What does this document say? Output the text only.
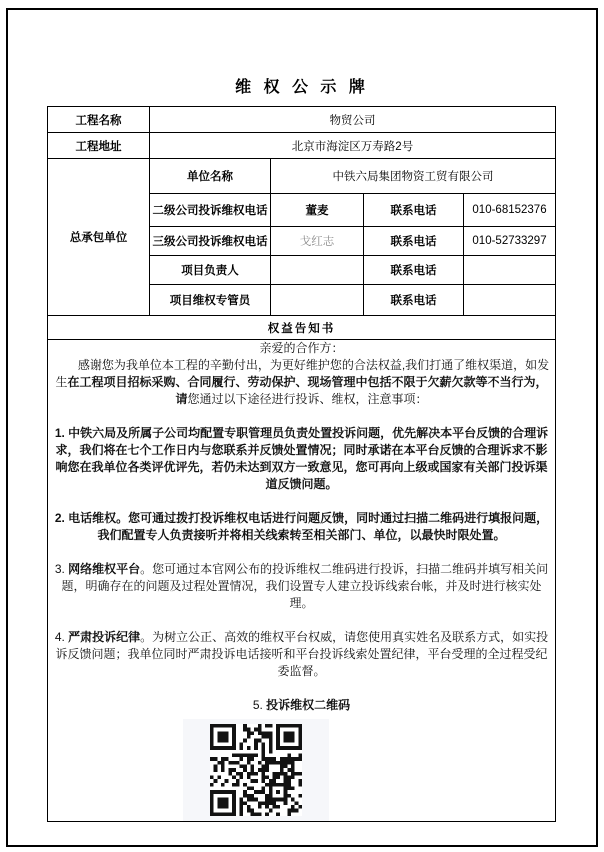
维 权 公 示 牌
工程名称	物贸公司			
工程地址	北京市海淀区万寿路2号			
总承包单位	单位名称	中铁六局集团物资工贸有限公司		
	二级公司投诉维权电话	董麦	联系电话	010-68152376
	三级公司投诉维权电话	戈红志	联系电话	010-52733297
	项目负责人		联系电话	
	项目维权专管员		联系电话	
权益告知书				

亲爱的合作方：

　　感谢您为我单位本工程的辛勤付出，为更好维护您的合法权益,我们打通了维权渠道，如发生在工程项目招标采购、合同履行、劳动保护、现场管理中包括不限于欠薪欠款等不当行为，请您通过以下途径进行投诉、维权，注意事项：

1. 中铁六局及所属子公司均配置专职管理员负责处置投诉问题，优先解决本平台反馈的合理诉求，我们将在七个工作日内与您联系并反馈处置情况；同时承诺在本平台反馈的合理诉求不影响您在我单位各类评优评先，若仍未达到双方一致意见，您可再向上级或国家有关部门投诉渠道反馈问题。

2. 电话维权。您可通过拨打投诉维权电话进行问题反馈，同时通过扫描二维码进行填报问题，我们配置专人负责接听并将相关线索转至相关部门、单位，以最快时限处置。

3. 网络维权平台。您可通过本官网公布的投诉维权二维码进行投诉，扫描二维码并填写相关问题，明确存在的问题及过程处置情况，我们设置专人建立投诉线索台帐，并及时进行核实处理。

4. 严肃投诉纪律。为树立公正、高效的维权平台权威，请您使用真实姓名及联系方式，如实投诉反馈问题；我单位同时严肃投诉电话接听和平台投诉线索处置纪律，平台受理的全过程受纪委监督。

5. 投诉维权二维码
